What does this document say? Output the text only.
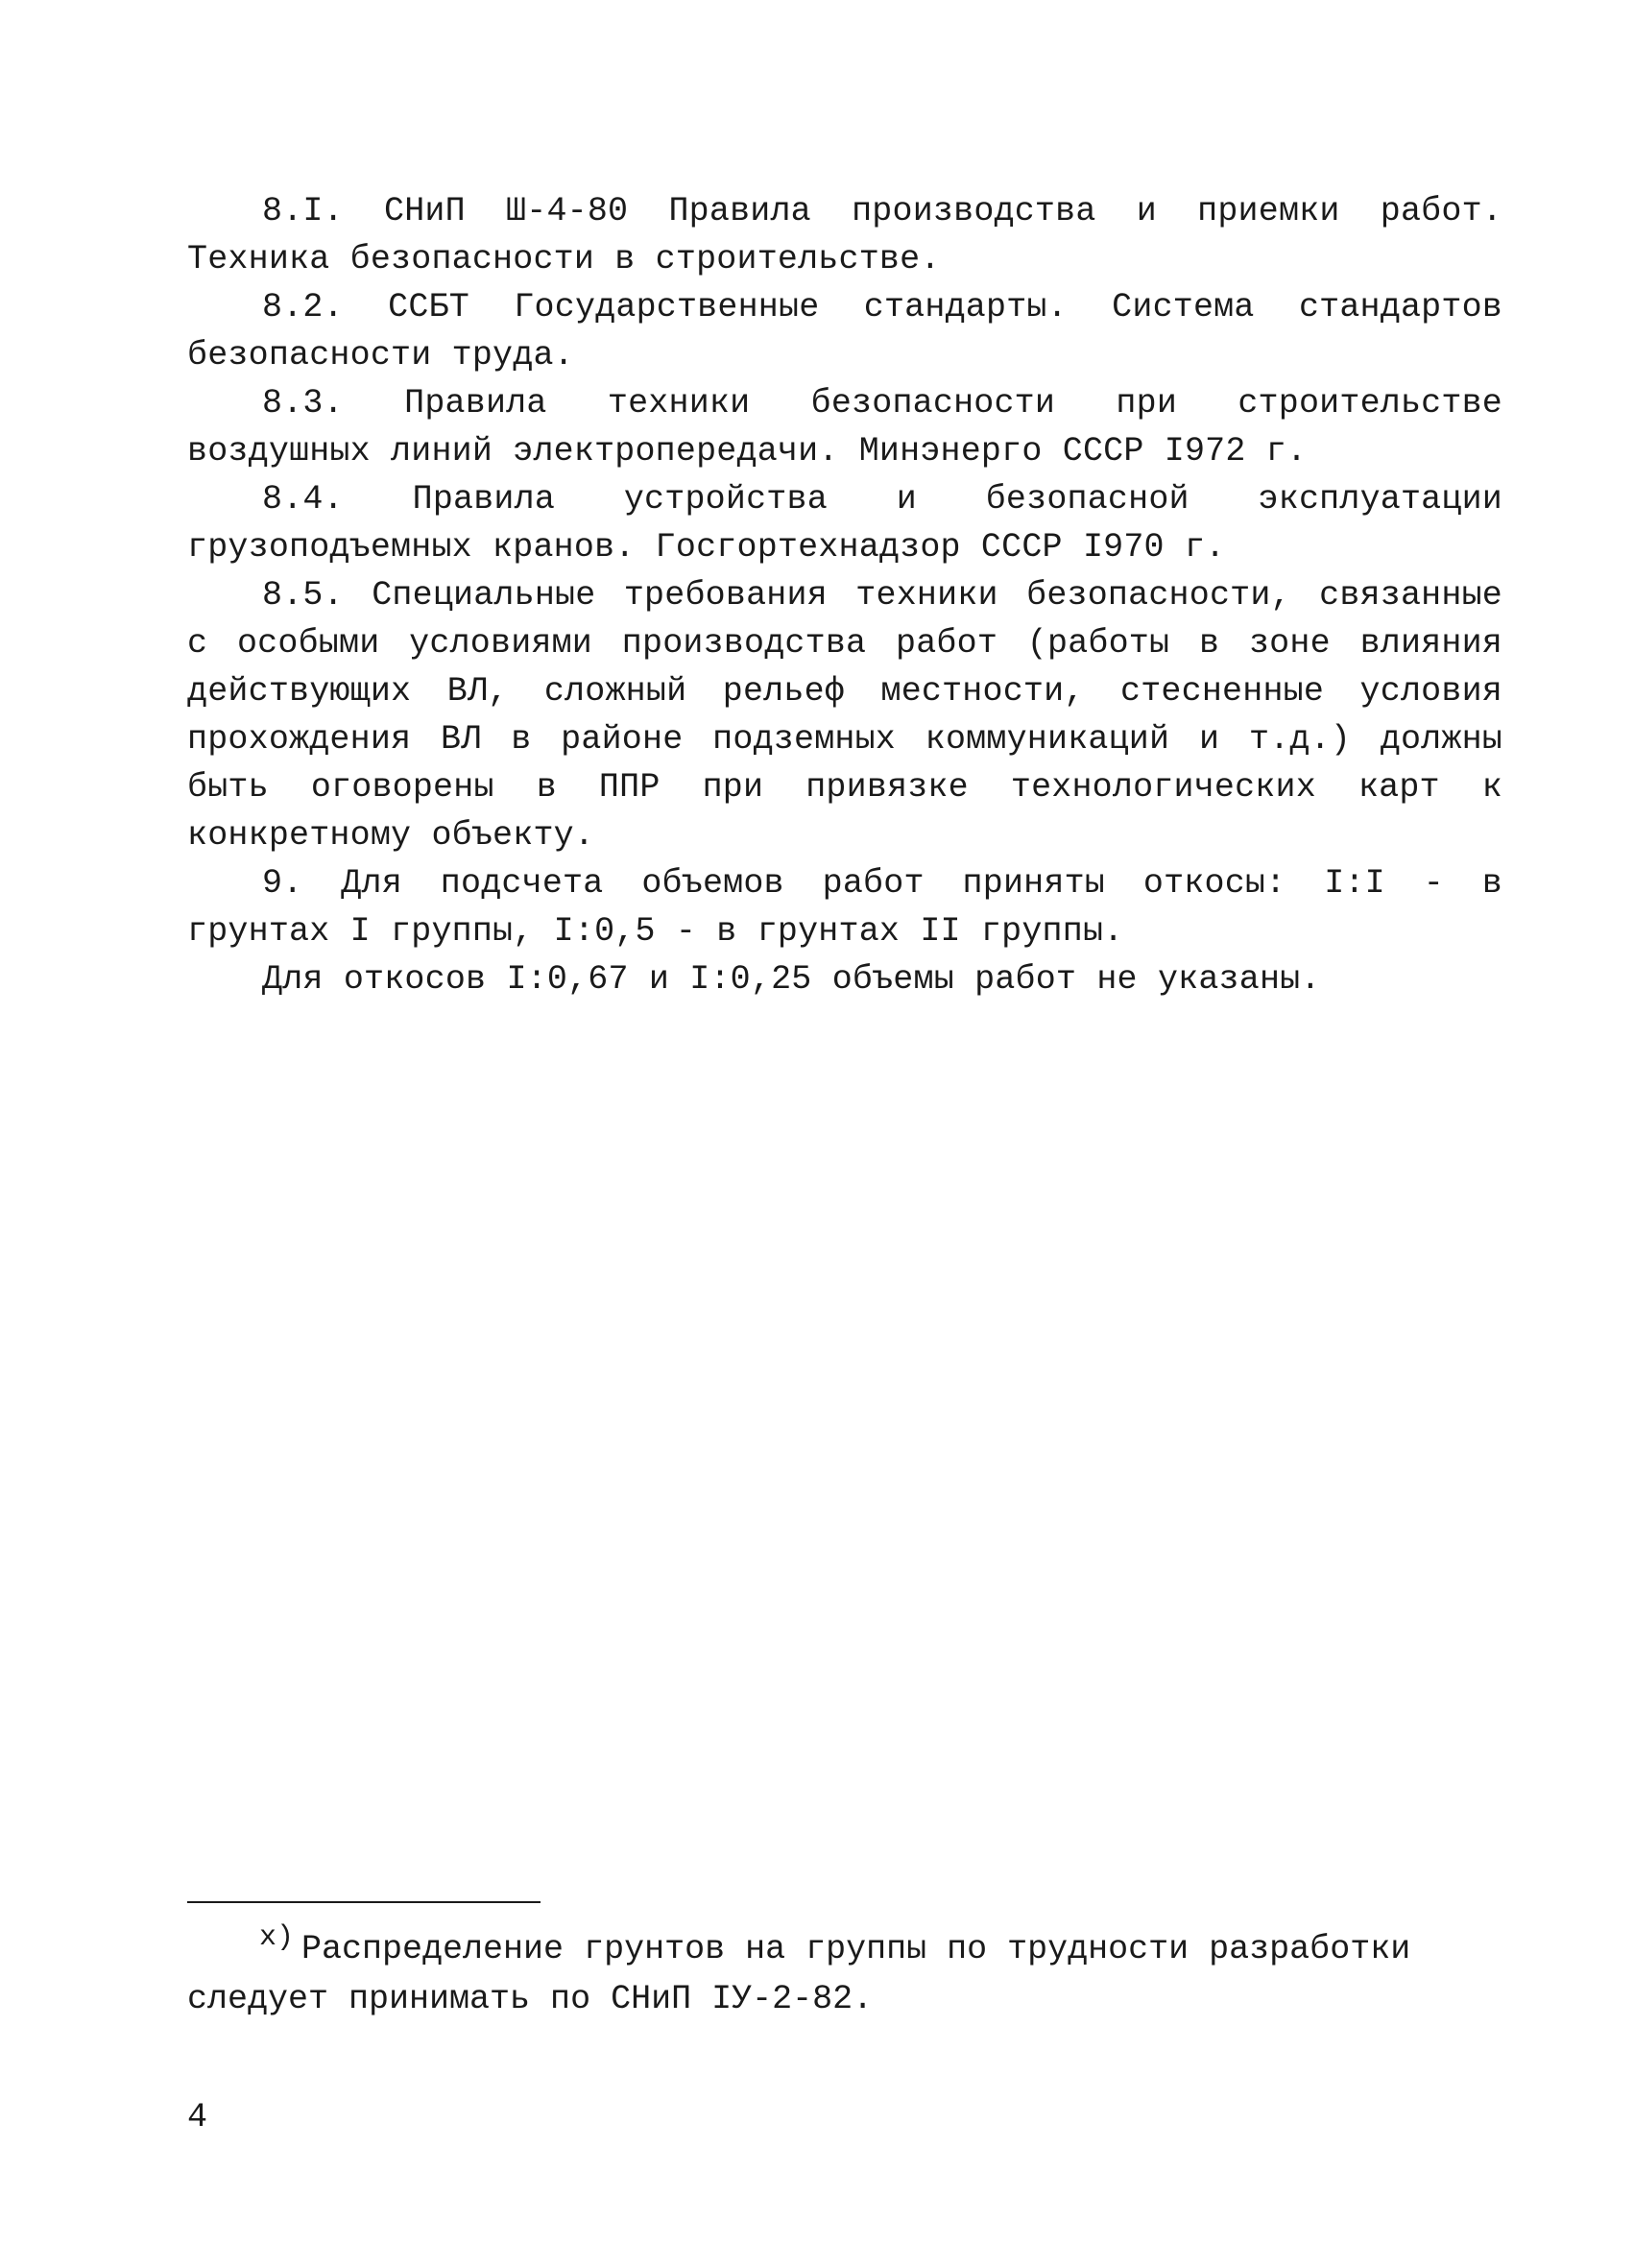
8.I. СНиП Ш-4-80 Правила производства и приемки работ. Техника безопасности в строительстве.

8.2. ССБТ Государственные стандарты. Система стандартов безопасности труда.

8.3. Правила техники безопасности при строительстве воздушных линий электропередачи. Минэнерго СССР I972 г.

8.4. Правила устройства и безопасной эксплуатации грузоподъемных кранов. Госгортехнадзор СССР I970 г.

8.5. Специальные требования техники безопасности, связанные с особыми условиями производства работ (работы в зоне влияния действующих ВЛ, сложный рельеф местности, стесненные условия прохождения ВЛ в районе подземных коммуникаций и т.д.) должны быть оговорены в ППР при привязке технологических карт к конкретному объекту.

9. Для подсчета объемов работ приняты откосы: I:I - в грунтах I группы, I:0,5 - в грунтах II группы.

Для откосов I:0,67 и I:0,25 объемы работ не указаны.

x) Распределение грунтов на группы по трудности разработки следует принимать по СНиП IУ-2-82.
4
